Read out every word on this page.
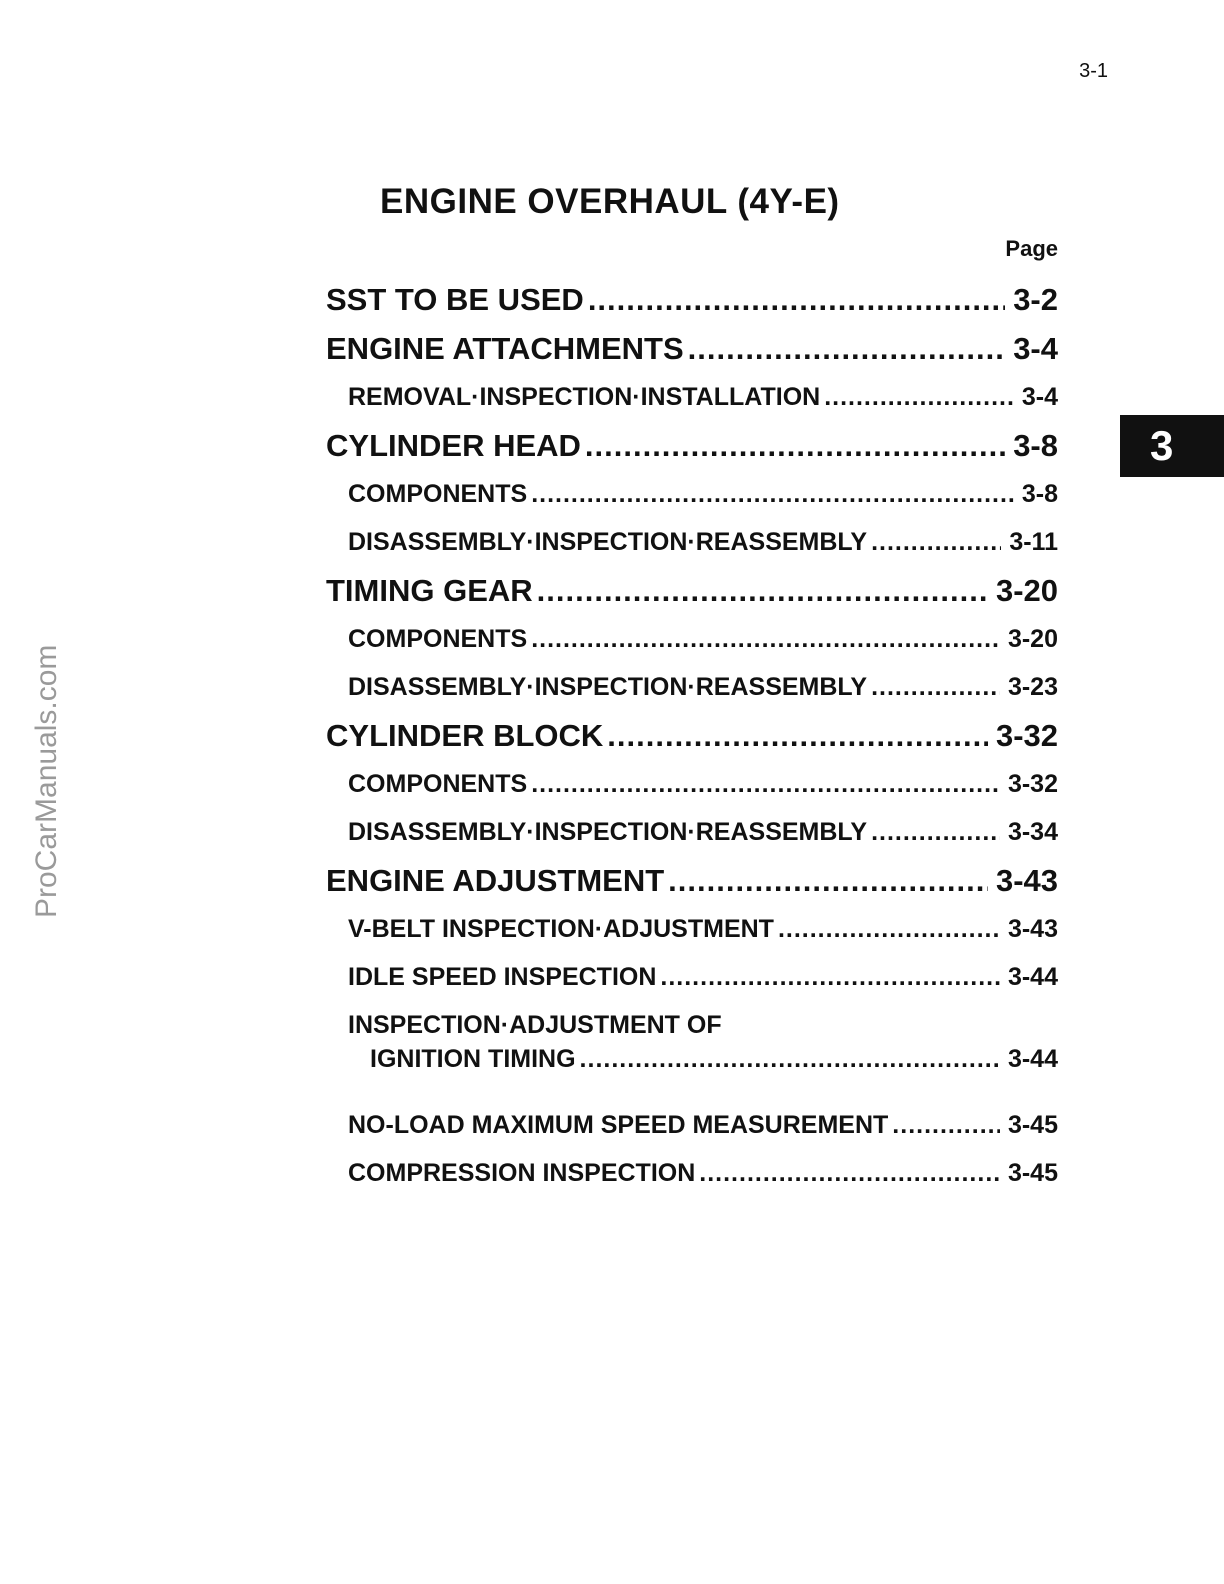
3-1
ENGINE OVERHAUL (4Y-E)
Page
SST TO BE USED .....	3-2
ENGINE ATTACHMENTS .....	3-4
REMOVAL·INSPECTION·INSTALLATION .....	3-4
CYLINDER HEAD .....	3-8
COMPONENTS .....	3-8
DISASSEMBLY·INSPECTION·REASSEMBLY .....	3-11
TIMING GEAR .....	3-20
COMPONENTS .....	3-20
DISASSEMBLY·INSPECTION·REASSEMBLY .....	3-23
CYLINDER BLOCK .....	3-32
COMPONENTS .....	3-32
DISASSEMBLY·INSPECTION·REASSEMBLY .....	3-34
ENGINE ADJUSTMENT .....	3-43
V-BELT INSPECTION·ADJUSTMENT .....	3-43
IDLE SPEED INSPECTION .....	3-44
INSPECTION·ADJUSTMENT OF
IGNITION TIMING .....	3-44
NO-LOAD MAXIMUM SPEED MEASUREMENT .....	3-45
COMPRESSION INSPECTION .....	3-45
3
ProCarManuals.com
